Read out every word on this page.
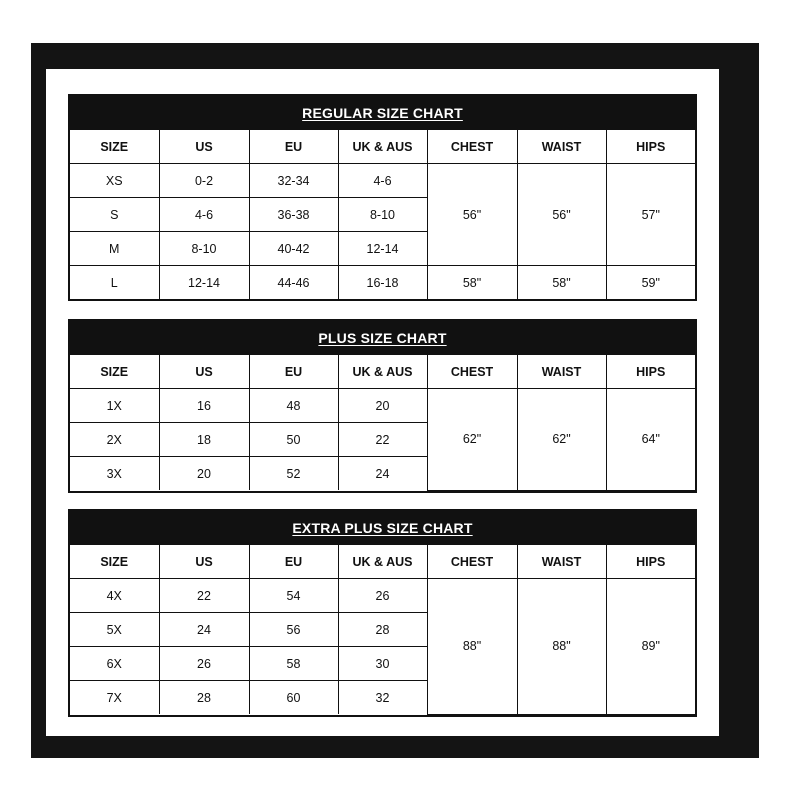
REGULAR SIZE CHART
SIZE	US	EU	UK & AUS	CHEST	WAIST	HIPS
XS	0-2	32-34	4-6	56"	56"	57"
S	4-6	36-38	8-10			
M	8-10	40-42	12-14			
L	12-14	44-46	16-18	58"	58"	59"
PLUS SIZE CHART
SIZE	US	EU	UK & AUS	CHEST	WAIST	HIPS
1X	16	48	20	62"	62"	64"
2X	18	50	22			
3X	20	52	24			
EXTRA PLUS SIZE CHART
SIZE	US	EU	UK & AUS	CHEST	WAIST	HIPS
4X	22	54	26	88"	88"	89"
5X	24	56	28			
6X	26	58	30			
7X	28	60	32			
